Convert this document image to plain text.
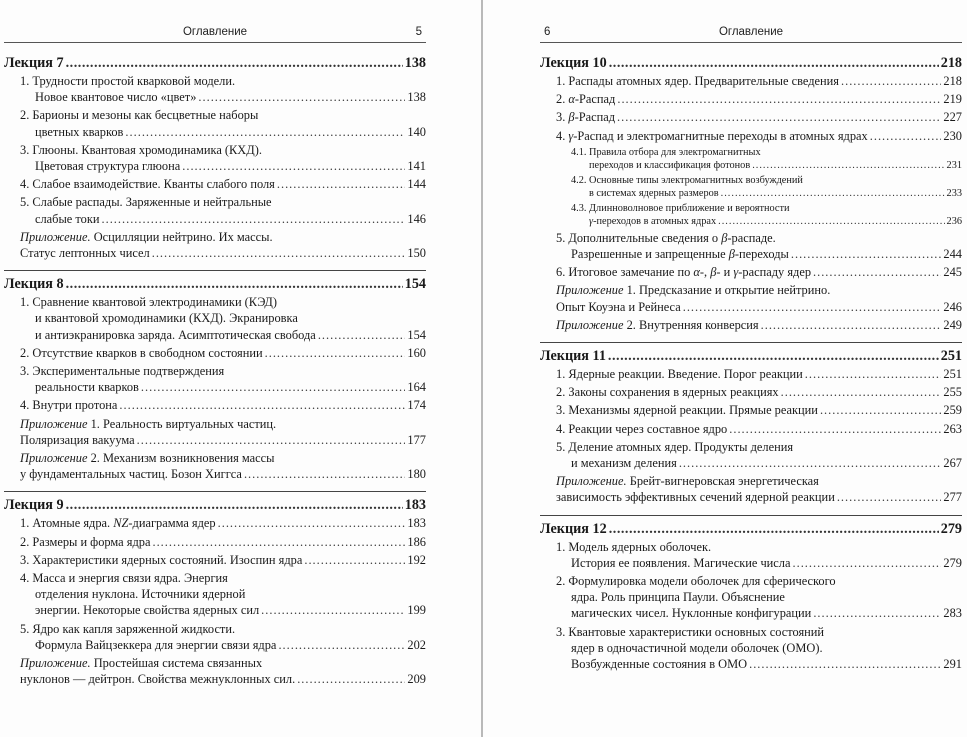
Оглавление	5
Лекция 7 .....	138
1. Трудности простой кварковой модели.
Новое квантовое число «цвет» .....	138
2. Барионы и мезоны как бесцветные наборы
цветных кварков .....	140
3. Глюоны. Квантовая хромодинамика (КХД).
Цветовая структура глюона .....	141
4. Слабое взаимодействие. Кванты слабого поля .....	144
5. Слабые распады. Заряженные и нейтральные
слабые токи .....	146
Приложение. Осцилляции нейтрино. Их массы.
Статус лептонных чисел .....	150
Лекция 8 .....	154
1. Сравнение квантовой электродинамики (КЭД)
и квантовой хромодинамики (КХД). Экранировка
и антиэкранировка заряда. Асимптотическая свобода .....	154
2. Отсутствие кварков в свободном состоянии .....	160
3. Экспериментальные подтверждения
реальности кварков .....	164
4. Внутри протона .....	174
Приложение 1. Реальность виртуальных частиц.
Поляризация вакуума .....	177
Приложение 2. Механизм возникновения массы
у фундаментальных частиц. Бозон Хиггса .....	180
Лекция 9 .....	183
1. Атомные ядра. NZ-диаграмма ядер .....	183
2. Размеры и форма ядра .....	186
3. Характеристики ядерных состояний. Изоспин ядра .....	192
4. Масса и энергия связи ядра. Энергия
отделения нуклона. Источники ядерной
энергии. Некоторые свойства ядерных сил .....	199
5. Ядро как капля заряженной жидкости.
Формула Вайцзеккера для энергии связи ядра .....	202
Приложение. Простейшая система связанных
нуклонов — дейтрон. Свойства межнуклонных сил. .....	209
6	Оглавление
Лекция 10 .....	218
1. Распады атомных ядер. Предварительные сведения .....	218
2. α-Распад .....	219
3. β-Распад .....	227
4. γ-Распад и электромагнитные переходы в атомных ядрах .....	230
4.1. Правила отбора для электромагнитных
переходов и классификация фотонов .....	231
4.2. Основные типы электромагнитных возбуждений
в системах ядерных размеров .....	233
4.3. Длинноволновое приближение и вероятности
γ-переходов в атомных ядрах .....	236
5. Дополнительные сведения о β-распаде.
Разрешенные и запрещенные β-переходы .....	244
6. Итоговое замечание по α-, β- и γ-распаду ядер .....	245
Приложение 1. Предсказание и открытие нейтрино.
Опыт Коуэна и Рейнеса .....	246
Приложение 2. Внутренняя конверсия .....	249
Лекция 11 .....	251
1. Ядерные реакции. Введение. Порог реакции .....	251
2. Законы сохранения в ядерных реакциях .....	255
3. Механизмы ядерной реакции. Прямые реакции .....	259
4. Реакции через составное ядро .....	263
5. Деление атомных ядер. Продукты деления
и механизм деления .....	267
Приложение. Брейт-вигнеровская энергетическая
зависимость эффективных сечений ядерной реакции .....	277
Лекция 12 .....	279
1. Модель ядерных оболочек.
История ее появления. Магические числа .....	279
2. Формулировка модели оболочек для сферического
ядра. Роль принципа Паули. Объяснение
магических чисел. Нуклонные конфигурации .....	283
3. Квантовые характеристики основных состояний
ядер в одночастичной модели оболочек (ОМО).
Возбужденные состояния в ОМО .....	291
